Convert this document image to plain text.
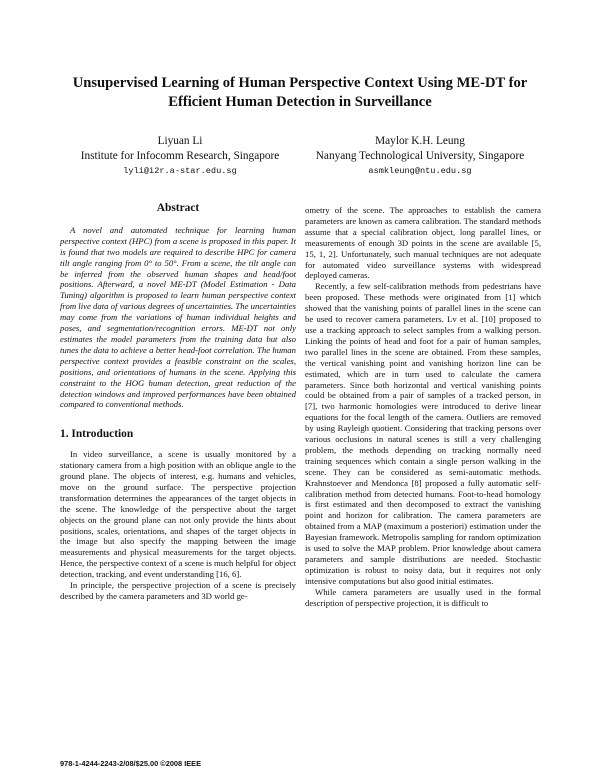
Unsupervised Learning of Human Perspective Context Using ME-DT for
Efficient Human Detection in Surveillance
Liyuan Li
Institute for Infocomm Research, Singapore
lyli@i2r.a-star.edu.sg
Maylor K.H. Leung
Nanyang Technological University, Singapore
asmkleung@ntu.edu.sg
Abstract

A novel and automated technique for learning human perspective context (HPC) from a scene is proposed in this paper. It is found that two models are required to describe HPC for camera tilt angle ranging from 0° to 50°. From a scene, the tilt angle can be inferred from the observed human shapes and head/foot positions. Afterward, a novel ME-DT (Model Estimation - Data Tuning) algorithm is proposed to learn human perspective context from live data of various degrees of uncertainties. The uncertainties may come from the variations of human individual heights and poses, and segmentation/recognition errors. ME-DT not only estimates the model parameters from the training data but also tunes the data to achieve a better head-foot correlation. The human perspective context provides a feasible constraint on the scales, positions, and orientations of humans in the scene. Applying this constraint to the HOG human detection, great reduction of the detection windows and improved performances have been obtained compared to conventional methods.

1. Introduction

In video surveillance, a scene is usually monitored by a stationary camera from a high position with an oblique angle to the ground plane. The objects of interest, e.g. humans and vehicles, move on the ground surface. The perspective projection transformation determines the appearances of the target objects in the scene. The knowledge of the perspective about the target objects on the ground plane can not only provide the hints about positions, scales, orientations, and shapes of the target objects in the image but also specify the mapping between the image measurements and physical measurements for the target objects. Hence, the perspective context of a scene is much helpful for object detection, tracking, and event understanding [16, 6].

In principle, the perspective projection of a scene is precisely described by the camera parameters and 3D world ge-

ometry of the scene. The approaches to establish the camera parameters are known as camera calibration. The standard methods assume that a special calibration object, long parallel lines, or measurements of enough 3D points in the scene are available [5, 15, 1, 2]. Unfortunately, such manual techniques are not adequate for automated video surveillance systems with widespread deployed cameras.

Recently, a few self-calibration methods from pedestrians have been proposed. These methods were originated from [1] which showed that the vanishing points of parallel lines in the scene can be used to recover camera parameters. Lv et al. [10] proposed to use a tracking approach to select samples from a walking person. Linking the points of head and foot for a pair of human samples, two parallel lines in the scene are obtained. From these samples, the vertical vanishing point and vanishing horizon line can be estimated, which are in turn used to calculate the camera parameters. Since both horizontal and vertical vanishing points could be obtained from a pair of samples of a tracked person, in [7], two harmonic homologies were introduced to derive linear equations for the focal length of the camera. Outliers are removed by using Rayleigh quotient. Considering that tracking persons over various occlusions in natural scenes is still a very challenging problem, the methods depending on tracking normally need training sequences which contain a single person walking in the scene. They can be considered as semi-automatic methods. Krahnstoever and Mendonca [8] proposed a fully automatic self-calibration method from detected humans. Foot-to-head homology is first estimated and then decomposed to extract the vanishing point and horizon for calibration. The camera parameters are obtained from a MAP (maximum a posteriori) estimation under the Bayesian framework. Metropolis sampling for random optimization is used to solve the MAP problem. Prior knowledge about camera parameters and sample distributions are needed. Stochastic optimization is robust to noisy data, but it requires not only intensive computations but also good initial estimates.

While camera parameters are usually used in the formal description of perspective projection, it is difficult to

978-1-4244-2243-2/08/$25.00 ©2008 IEEE
